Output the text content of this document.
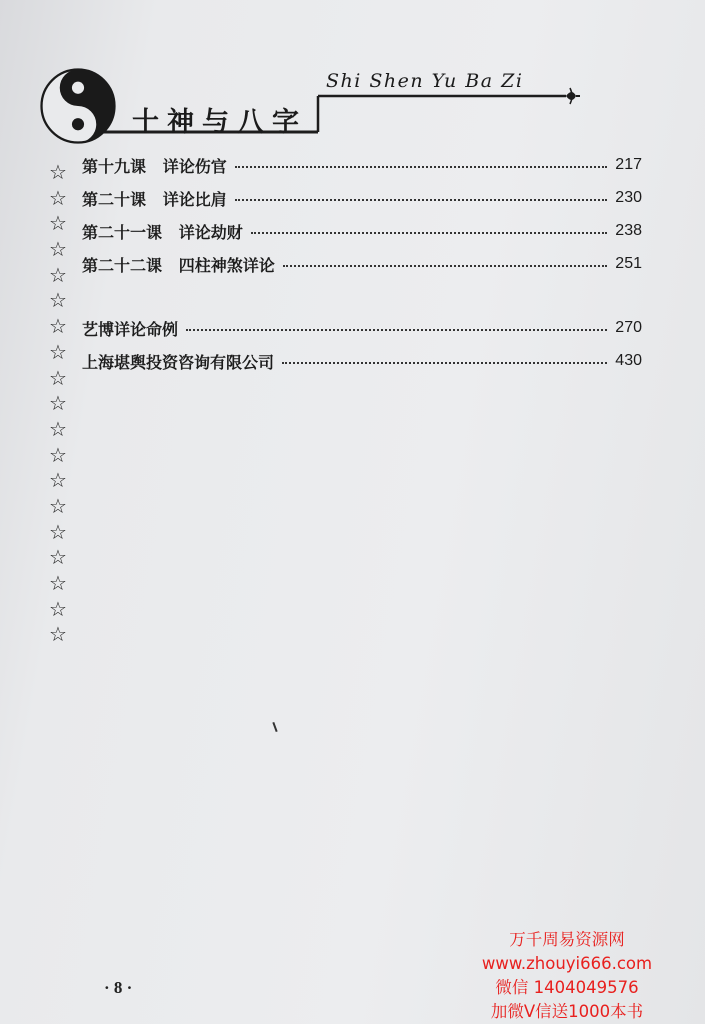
Shi Shen Yu Ba Zi
十神与八字
☆
☆
☆
☆
☆
☆
☆
☆
☆
☆
☆
☆
☆
☆
☆
☆
☆
☆
☆
第十九课   详论伤官	217
第二十课   详论比肩	230
第二十一课   详论劫财	238
第二十二课   四柱神煞详论	251
艺博详论命例	270
上海堪舆投资咨询有限公司	430
· 8 ·
万千周易资源网
www.zhouyi666.com
微信 1404049576
加微V信送1000本书
